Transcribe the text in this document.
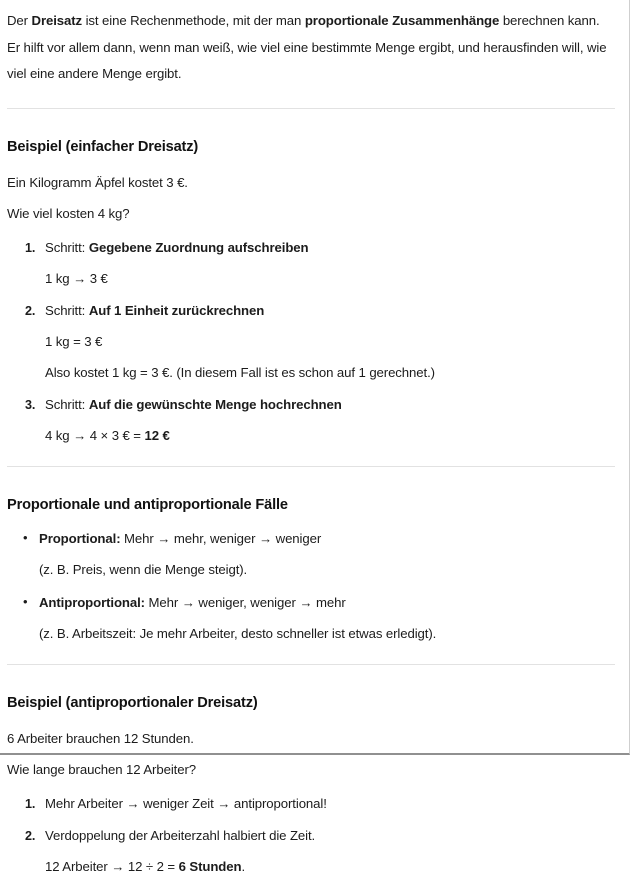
Der Dreisatz ist eine Rechenmethode, mit der man proportionale Zusammenhänge berechnen kann. Er hilft vor allem dann, wenn man weiß, wie viel eine bestimmte Menge ergibt, und herausfinden will, wie viel eine andere Menge ergibt.

Beispiel (einfacher Dreisatz)

Ein Kilogramm Äpfel kostet 3 €.

Wie viel kosten 4 kg?

Schritt: Gegebene Zuordnung aufschreiben
1 kg → 3 €
Schritt: Auf 1 Einheit zurückrechnen
1 kg = 3 €
Also kostet 1 kg = 3 €. (In diesem Fall ist es schon auf 1 gerechnet.)
Schritt: Auf die gewünschte Menge hochrechnen
4 kg → 4 × 3 € = 12 €
Proportionale und antiproportionale Fälle
• Proportional: Mehr → mehr, weniger → weniger
(z. B. Preis, wenn die Menge steigt).
• Antiproportional: Mehr → weniger, weniger → mehr
(z. B. Arbeitszeit: Je mehr Arbeiter, desto schneller ist etwas erledigt).
Beispiel (antiproportionaler Dreisatz)

6 Arbeiter brauchen 12 Stunden.

Wie lange brauchen 12 Arbeiter?

Mehr Arbeiter → weniger Zeit → antiproportional!
Verdoppelung der Arbeiterzahl halbiert die Zeit.
12 Arbeiter → 12 ÷ 2 = 6 Stunden.
